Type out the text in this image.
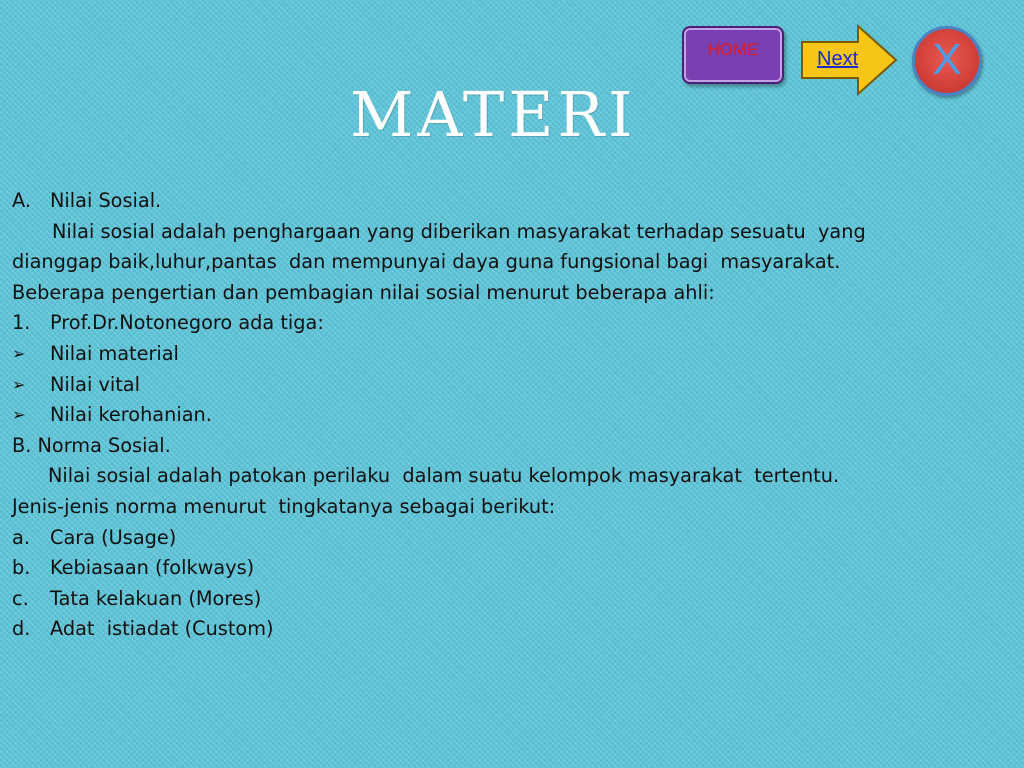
HOME	Next X
MATERI
A. Nilai Sosial.
Nilai sosial adalah penghargaan yang diberikan masyarakat terhadap sesuatu  yang
dianggap baik,luhur,pantas  dan mempunyai daya guna fungsional bagi  masyarakat.
Beberapa pengertian dan pembagian nilai sosial menurut beberapa ahli:
1. Prof.Dr.Notonegoro ada tiga:
➢ Nilai material
➢ Nilai vital
➢ Nilai kerohanian.
B. Norma Sosial.
Nilai sosial adalah patokan perilaku  dalam suatu kelompok masyarakat  tertentu.
Jenis-jenis norma menurut  tingkatanya sebagai berikut:
a. Cara (Usage)
b. Kebiasaan (folkways)
c. Tata kelakuan (Mores)
d. Adat  istiadat (Custom)
